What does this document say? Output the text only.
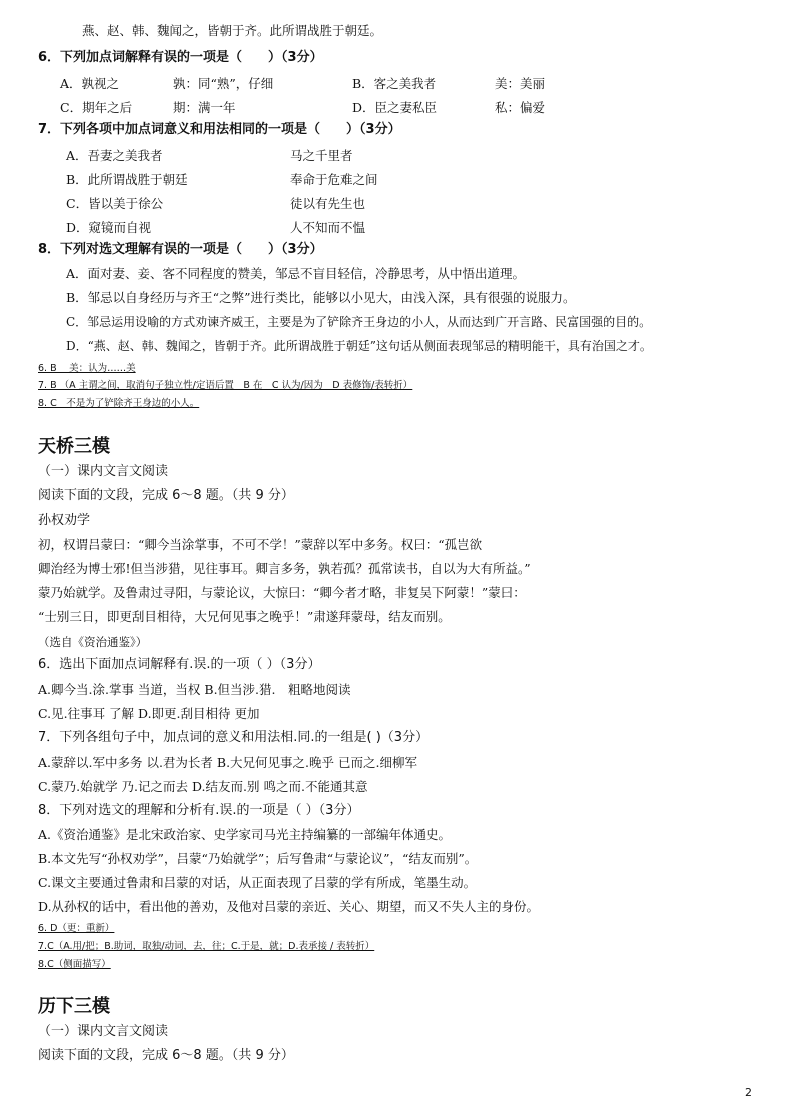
燕、赵、韩、魏闻之，皆朝于齐。此所谓战胜于朝廷。
6．下列加点词解释有误的一项是（　　）（3分）
A．孰视之	孰：同“熟”，仔细	B．客之美我者	美：美丽
C．期年之后	期：满一年	D．臣之妻私臣	私：偏爱
7．下列各项中加点词意义和用法相同的一项是（　　）（3分）
A．吾妻之美我者	马之千里者
B．此所谓战胜于朝廷	奉命于危难之间
C．皆以美于徐公	徒以有先生也
D．窥镜而自视	人不知而不愠
8．下列对选文理解有误的一项是（　　）（3分）
A．面对妻、妾、客不同程度的赞美，邹忌不盲目轻信，冷静思考，从中悟出道理。
B．邹忌以自身经历与齐王“之弊”进行类比，能够以小见大，由浅入深，具有很强的说服力。
C．邹忌运用设喻的方式劝谏齐威王，主要是为了铲除齐王身边的小人，从而达到广开言路、民富国强的目的。
D．“燕、赵、韩、魏闻之，皆朝于齐。此所谓战胜于朝廷”这句话从侧面表现邹忌的精明能干，具有治国之才。
6. B　 美：认为……美
7. B （A 主谓之间，取消句子独立性/定语后置　B 在　C 认为/因为　D 表修饰/表转折）
8. C　不是为了铲除齐王身边的小人。
天桥三模
（一）课内文言文阅读
阅读下面的文段，完成 6～8 题。（共 9 分）
孙权劝学
初，权谓吕蒙曰：“卿今当涂掌事，不可不学！”蒙辞以军中多务。权曰：“孤岂欲
卿治经为博士邪!但当涉猎，见往事耳。卿言多务，孰若孤？孤常读书，自以为大有所益。”
蒙乃始就学。及鲁肃过寻阳，与蒙论议，大惊曰：“卿今者才略，非复吴下阿蒙！”蒙曰：
“士别三日，即更刮目相待，大兄何见事之晚乎！”肃遂拜蒙母，结友而别。
（选自《资治通鉴》）
6．选出下面加点词解释有.误.的一项（ ）（3分）
A.卿今当.涂.掌事 当道，当权 B.但当涉.猎.　粗略地阅读
C.见.往事耳 了解 D.即更.刮目相待 更加
7．下列各组句子中，加点词的意义和用法相.同.的一组是( )（3分）
A.蒙辞以.军中多务 以.君为长者 B.大兄何见事之.晚乎 已而之.细柳军
C.蒙乃.始就学 乃.记之而去 D.结友而.别 鸣之而.不能通其意
8．下列对选文的理解和分析有.误.的一项是（ ）（3分）
A.《资治通鉴》是北宋政治家、史学家司马光主持编纂的一部编年体通史。
B.本文先写“孙权劝学”，吕蒙“乃始就学”；后写鲁肃“与蒙论议”，“结友而别”。
C.课文主要通过鲁肃和吕蒙的对话，从正面表现了吕蒙的学有所成，笔墨生动。
D.从孙权的话中，看出他的善劝，及他对吕蒙的亲近、关心、期望，而又不失人主的身份。
6. D（更：重新）
7.C（A.用/把；B.助词，取独/动词，去，往；C.于是，就；D.表承接 / 表转折）
8.C（侧面描写）
历下三模
（一）课内文言文阅读
阅读下面的文段，完成 6～8 题。（共 9 分）
2
